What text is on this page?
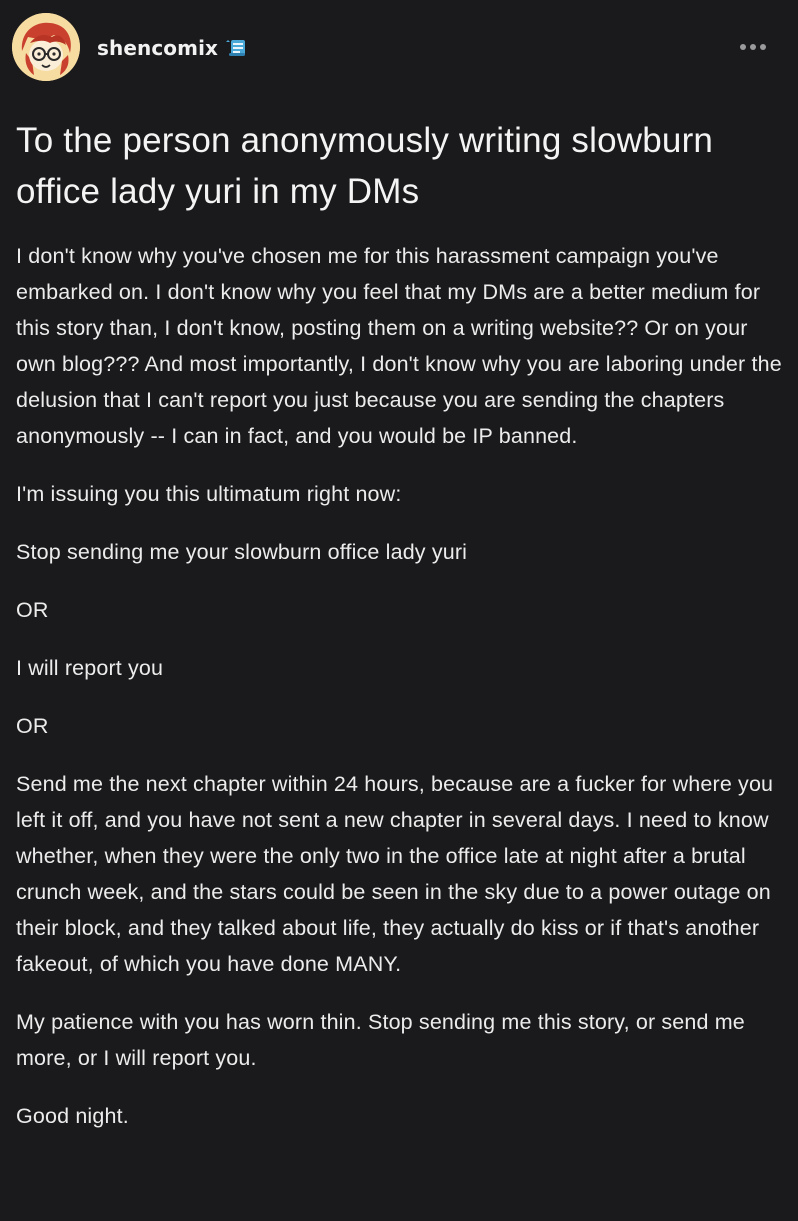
shencomix
To the person anonymously writing slowburn office lady yuri in my DMs

I don't know why you've chosen me for this harassment campaign you've embarked on. I don't know why you feel that my DMs are a better medium for this story than, I don't know, posting them on a writing website?? Or on your own blog??? And most importantly, I don't know why you are laboring under the delusion that I can't report you just because you are sending the chapters anonymously -- I can in fact, and you would be IP banned.

I'm issuing you this ultimatum right now:

Stop sending me your slowburn office lady yuri

OR

I will report you

OR

Send me the next chapter within 24 hours, because are a fucker for where you left it off, and you have not sent a new chapter in several days. I need to know whether, when they were the only two in the office late at night after a brutal crunch week, and the stars could be seen in the sky due to a power outage on their block, and they talked about life, they actually do kiss or if that's another fakeout, of which you have done MANY.

My patience with you has worn thin. Stop sending me this story, or send me more, or I will report you.

Good night.
